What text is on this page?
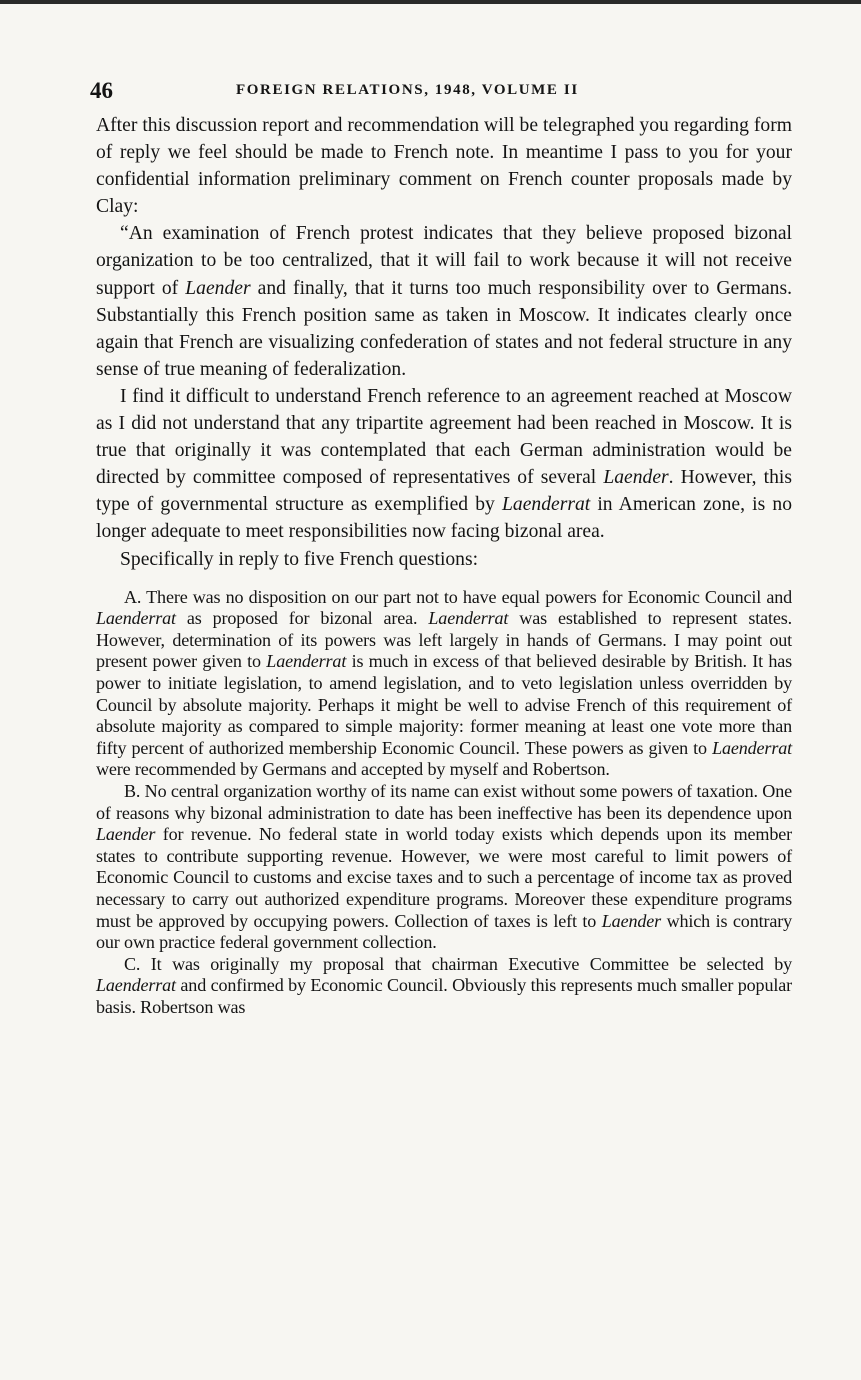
46	FOREIGN RELATIONS, 1948, VOLUME II

After this discussion report and recommendation will be telegraphed you regarding form of reply we feel should be made to French note. In meantime I pass to you for your confidential information preliminary comment on French counter proposals made by Clay:

“An examination of French protest indicates that they believe proposed bizonal organization to be too centralized, that it will fail to work because it will not receive support of Laender and finally, that it turns too much responsibility over to Germans. Substantially this French position same as taken in Moscow. It indicates clearly once again that French are visualizing confederation of states and not federal structure in any sense of true meaning of federalization.

I find it difficult to understand French reference to an agreement reached at Moscow as I did not understand that any tripartite agreement had been reached in Moscow. It is true that originally it was contemplated that each German administration would be directed by committee composed of representatives of several Laender. However, this type of governmental structure as exemplified by Laenderrat in American zone, is no longer adequate to meet responsibilities now facing bizonal area.

Specifically in reply to five French questions:

A. There was no disposition on our part not to have equal powers for Economic Council and Laenderrat as proposed for bizonal area. Laenderrat was established to represent states. However, determination of its powers was left largely in hands of Germans. I may point out present power given to Laenderrat is much in excess of that believed desirable by British. It has power to initiate legislation, to amend legislation, and to veto legislation unless overridden by Council by absolute majority. Perhaps it might be well to advise French of this requirement of absolute majority as compared to simple majority: former meaning at least one vote more than fifty percent of authorized membership Economic Council. These powers as given to Laenderrat were recommended by Germans and accepted by myself and Robertson.

B. No central organization worthy of its name can exist without some powers of taxation. One of reasons why bizonal administration to date has been ineffective has been its dependence upon Laender for revenue. No federal state in world today exists which depends upon its member states to contribute supporting revenue. However, we were most careful to limit powers of Economic Council to customs and excise taxes and to such a percentage of income tax as proved necessary to carry out authorized expenditure programs. Moreover these expenditure programs must be approved by occupying powers. Collection of taxes is left to Laender which is contrary our own practice federal government collection.

C. It was originally my proposal that chairman Executive Committee be selected by Laenderrat and confirmed by Economic Council. Obviously this represents much smaller popular basis. Robertson was
